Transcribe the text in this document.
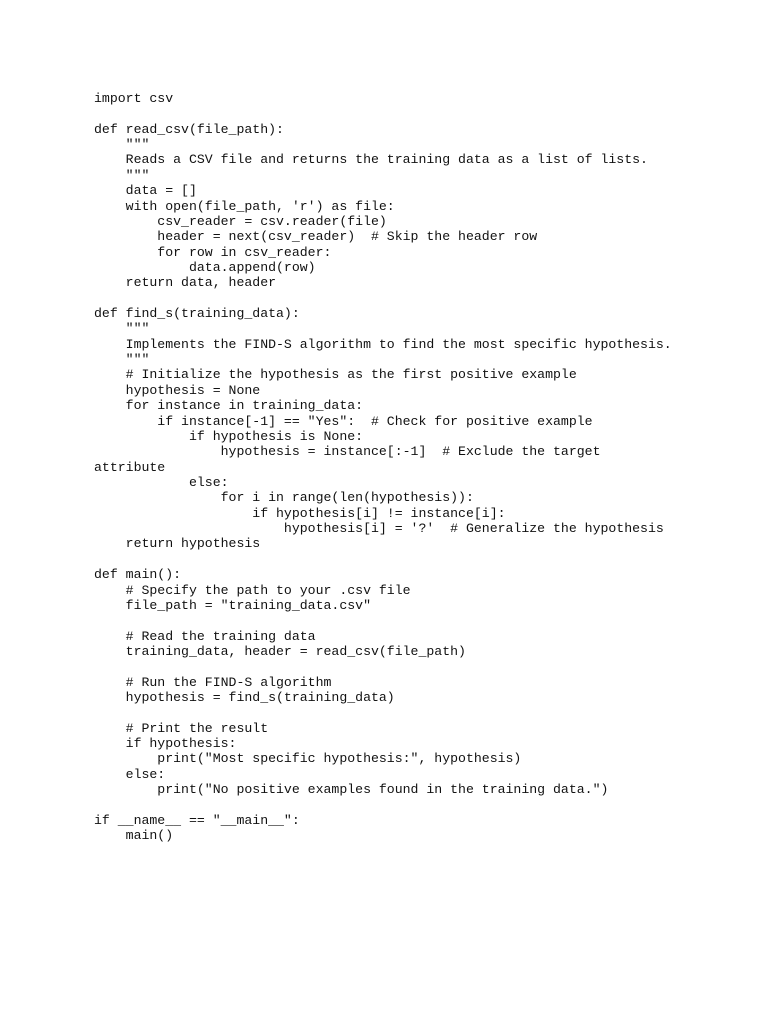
import csv
def read_csv(file_path):
"""
Reads a CSV file and returns the training data as a list of lists.
"""
data = []
with open(file_path, 'r') as file:
csv_reader = csv.reader(file)
header = next(csv_reader)  # Skip the header row
for row in csv_reader:
data.append(row)
return data, header
def find_s(training_data):
"""
Implements the FIND-S algorithm to find the most specific hypothesis.
"""
# Initialize the hypothesis as the first positive example
hypothesis = None
for instance in training_data:
if instance[-1] == "Yes":  # Check for positive example
if hypothesis is None:
hypothesis = instance[:-1]  # Exclude the target
attribute
else:
for i in range(len(hypothesis)):
if hypothesis[i] != instance[i]:
hypothesis[i] = '?'  # Generalize the hypothesis
return hypothesis
def main():
# Specify the path to your .csv file
file_path = "training_data.csv"
# Read the training data
training_data, header = read_csv(file_path)
# Run the FIND-S algorithm
hypothesis = find_s(training_data)
# Print the result
if hypothesis:
print("Most specific hypothesis:", hypothesis)
else:
print("No positive examples found in the training data.")
if __name__ == "__main__":
main()
